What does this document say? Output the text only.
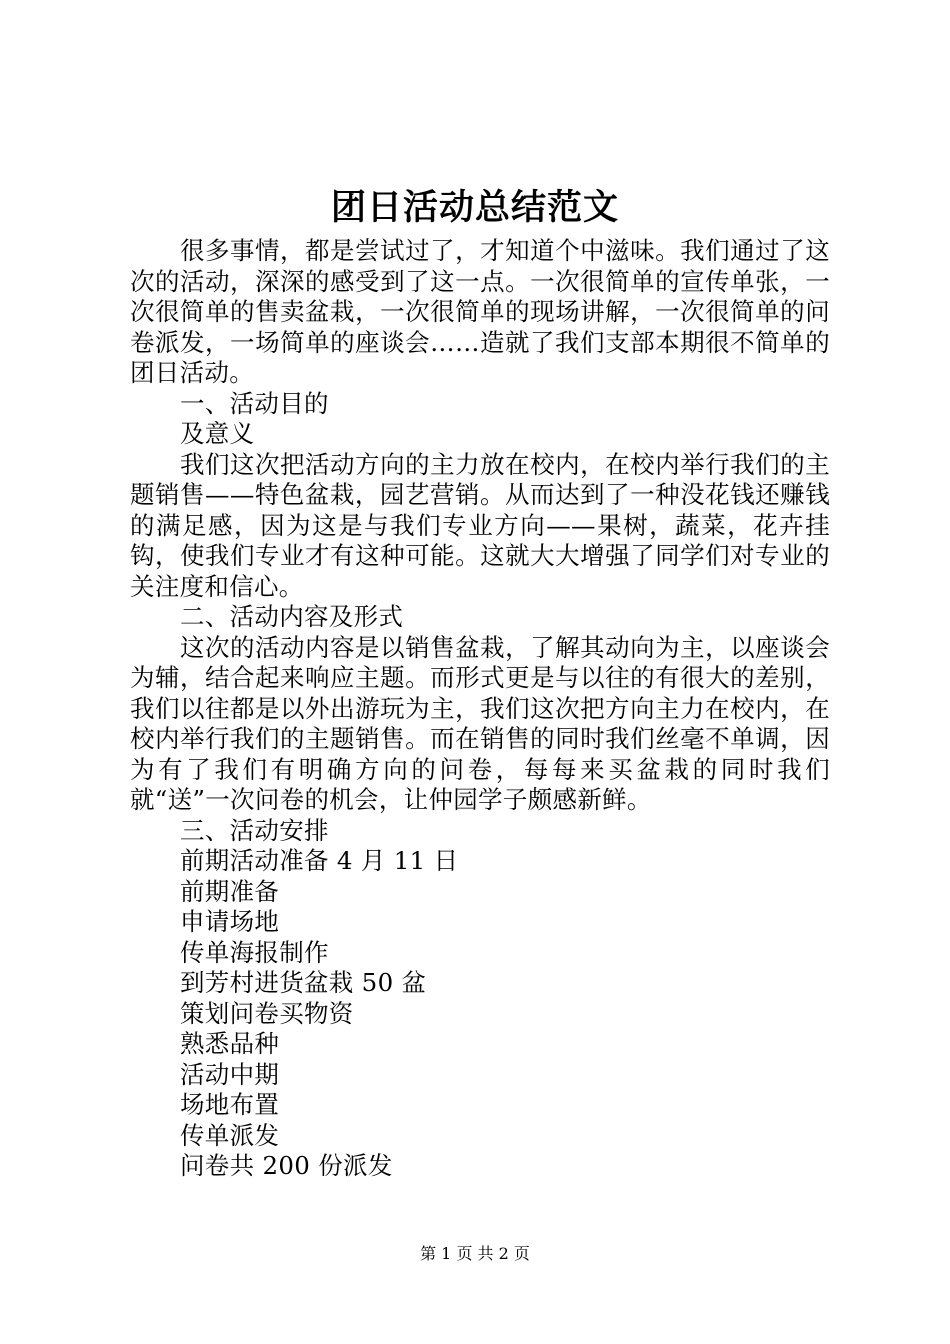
团日活动总结范文

很多事情，都是尝试过了，才知道个中滋味。我们通过了这次的活动，深深的感受到了这一点。一次很简单的宣传单张，一次很简单的售卖盆栽，一次很简单的现场讲解，一次很简单的问卷派发，一场简单的座谈会……造就了我们支部本期很不简单的团日活动。

一、活动目的

及意义

我们这次把活动方向的主力放在校内，在校内举行我们的主题销售——特色盆栽，园艺营销。从而达到了一种没花钱还赚钱的满足感，因为这是与我们专业方向——果树，蔬菜，花卉挂钩，使我们专业才有这种可能。这就大大增强了同学们对专业的关注度和信心。

二、活动内容及形式

这次的活动内容是以销售盆栽，了解其动向为主，以座谈会为辅，结合起来响应主题。而形式更是与以往的有很大的差别，我们以往都是以外出游玩为主，我们这次把方向主力在校内，在校内举行我们的主题销售。而在销售的同时我们丝毫不单调，因为有了我们有明确方向的问卷，每每来买盆栽的同时我们就“送”一次问卷的机会，让仲园学子颇感新鲜。

三、活动安排

前期活动准备 4 月 11 日

前期准备

申请场地

传单海报制作

到芳村进货盆栽 50 盆

策划问卷买物资

熟悉品种

活动中期

场地布置

传单派发

问卷共 200 份派发

第 1 页 共 2 页
